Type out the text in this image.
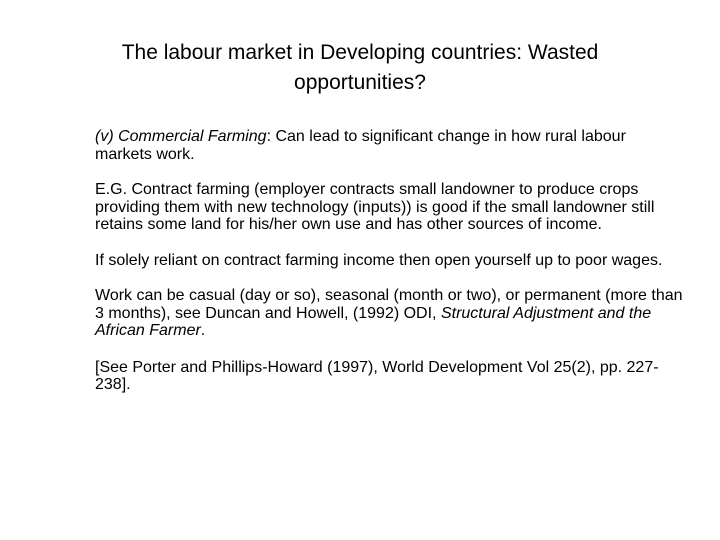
The labour market in Developing countries: Wasted
opportunities?

(v) Commercial Farming: Can lead to significant change in how rural labour markets work.

E.G. Contract farming (employer contracts small landowner to produce crops providing them with new technology (inputs)) is good if the small landowner still retains some land for his/her own use and has other sources of income.

If solely reliant on contract farming income then open yourself up to poor wages.

Work can be casual (day or so), seasonal (month or two), or permanent (more than 3 months), see Duncan and Howell, (1992) ODI, Structural Adjustment and the African Farmer.

[See Porter and Phillips-Howard (1997), World Development Vol 25(2), pp. 227-238].
